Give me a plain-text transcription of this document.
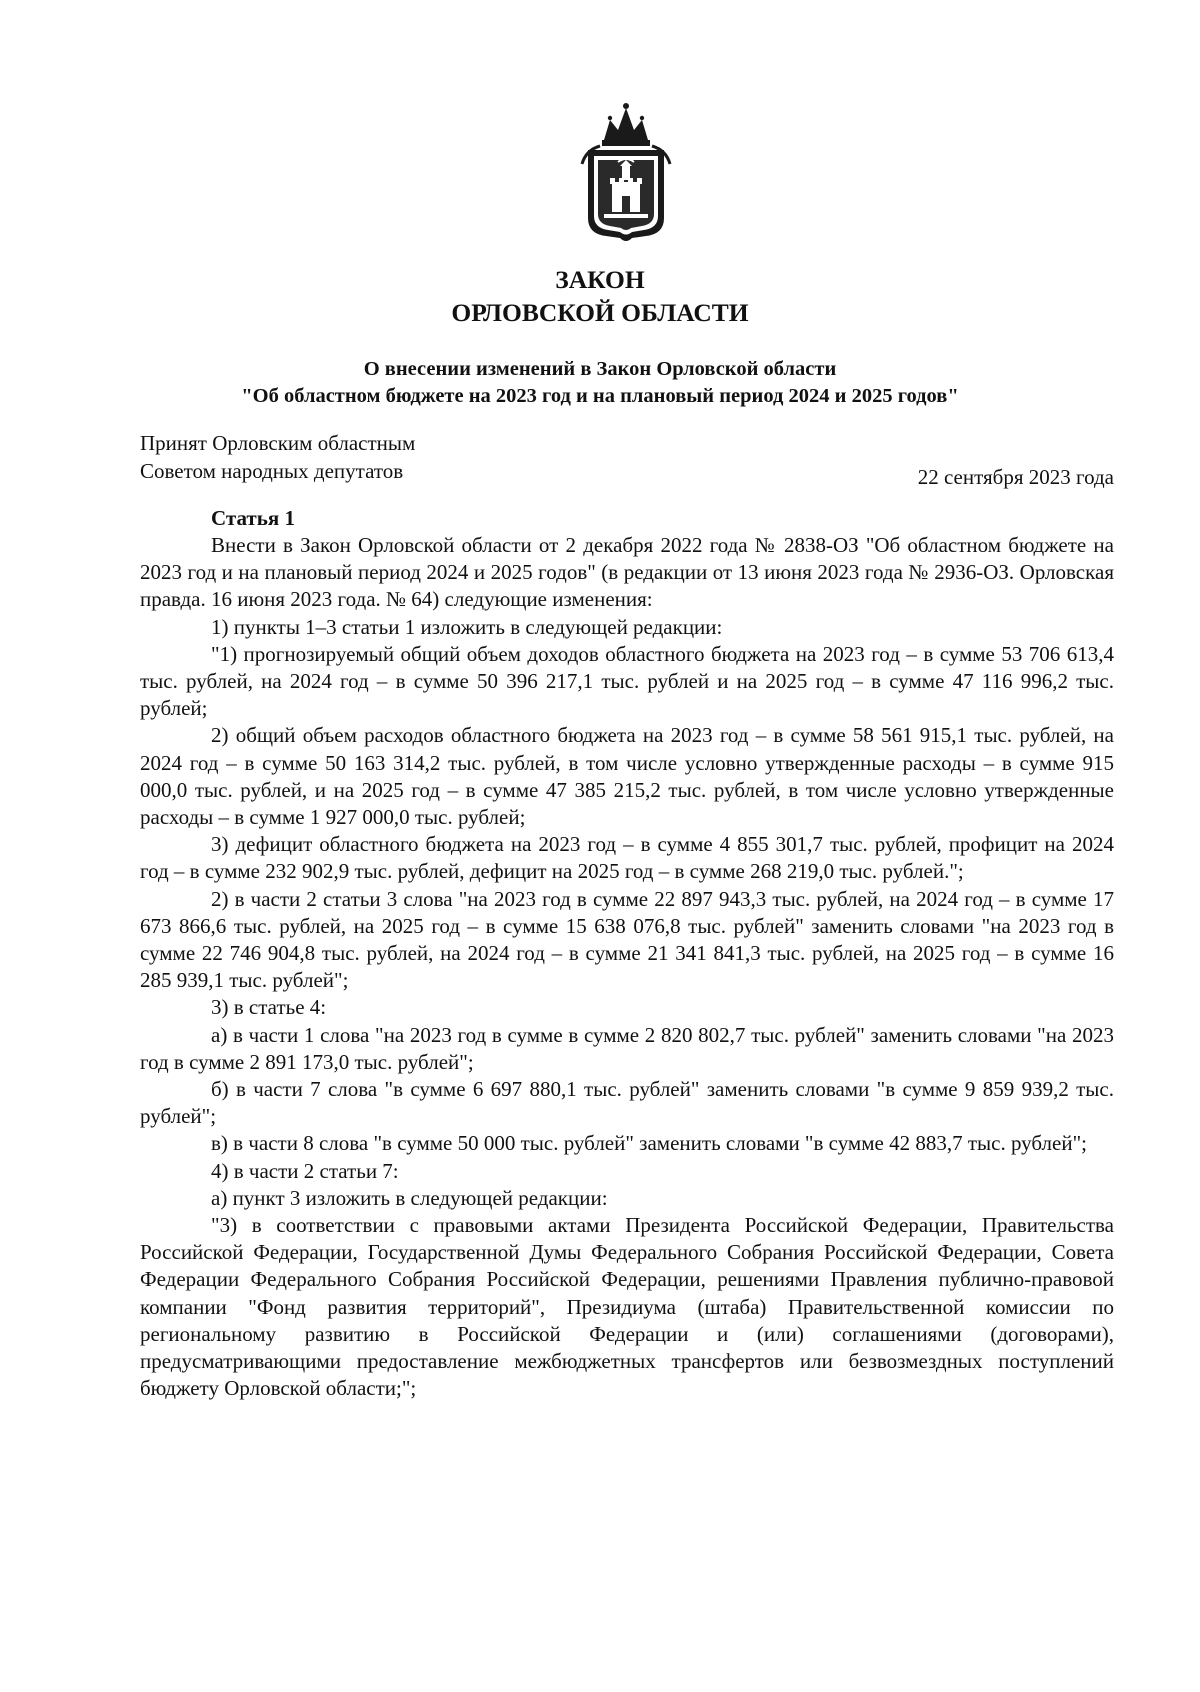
ЗАКОН
ОРЛОВСКОЙ ОБЛАСТИ
О внесении изменений в Закон Орловской области
"Об областном бюджете на 2023 год и на плановый период 2024 и 2025 годов"
Принят Орловским областным
Советом народных депутатов	22 сентября 2023 года
Статья 1

Внести в Закон Орловской области от 2 декабря 2022 года № 2838-ОЗ "Об областном бюджете на 2023 год и на плановый период 2024 и 2025 годов" (в редакции от 13 июня 2023 года № 2936-ОЗ. Орловская правда. 16 июня 2023 года. № 64) следующие изменения:

1) пункты 1–3 статьи 1 изложить в следующей редакции:

"1) прогнозируемый общий объем доходов областного бюджета на 2023 год – в сумме 53 706 613,4 тыс. рублей, на 2024 год – в сумме 50 396 217,1 тыс. рублей и на 2025 год – в сумме 47 116 996,2 тыс. рублей;

2) общий объем расходов областного бюджета на 2023 год – в сумме 58 561 915,1 тыс. рублей, на 2024 год – в сумме 50 163 314,2 тыс. рублей, в том числе условно утвержденные расходы – в сумме 915 000,0 тыс. рублей, и на 2025 год – в сумме 47 385 215,2 тыс. рублей, в том числе условно утвержденные расходы – в сумме 1 927 000,0 тыс. рублей;

3) дефицит областного бюджета на 2023 год – в сумме 4 855 301,7 тыс. рублей, профицит на 2024 год – в сумме 232 902,9 тыс. рублей, дефицит на 2025 год – в сумме 268 219,0 тыс. рублей.";

2) в части 2 статьи 3 слова "на 2023 год в сумме 22 897 943,3 тыс. рублей, на 2024 год – в сумме 17 673 866,6 тыс. рублей, на 2025 год – в сумме 15 638 076,8 тыс. рублей" заменить словами "на 2023 год в сумме 22 746 904,8 тыс. рублей, на 2024 год – в сумме 21 341 841,3 тыс. рублей, на 2025 год – в сумме 16 285 939,1 тыс. рублей";

3) в статье 4:

а) в части 1 слова "на 2023 год в сумме в сумме 2 820 802,7 тыс. рублей" заменить словами "на 2023 год в сумме 2 891 173,0 тыс. рублей";

б) в части 7 слова "в сумме 6 697 880,1 тыс. рублей" заменить словами "в сумме 9 859 939,2 тыс. рублей";

в) в части 8 слова "в сумме 50 000 тыс. рублей" заменить словами "в сумме 42 883,7 тыс. рублей";

4) в части 2 статьи 7:

а) пункт 3 изложить в следующей редакции:

"3) в соответствии с правовыми актами Президента Российской Федерации, Правительства Российской Федерации, Государственной Думы Федерального Собрания Российской Федерации, Совета Федерации Федерального Собрания Российской Федерации, решениями Правления публично-правовой компании "Фонд развития территорий", Президиума (штаба) Правительственной комиссии по региональному развитию в Российской Федерации и (или) соглашениями (договорами), предусматривающими предоставление межбюджетных трансфертов или безвозмездных поступлений бюджету Орловской области;";
